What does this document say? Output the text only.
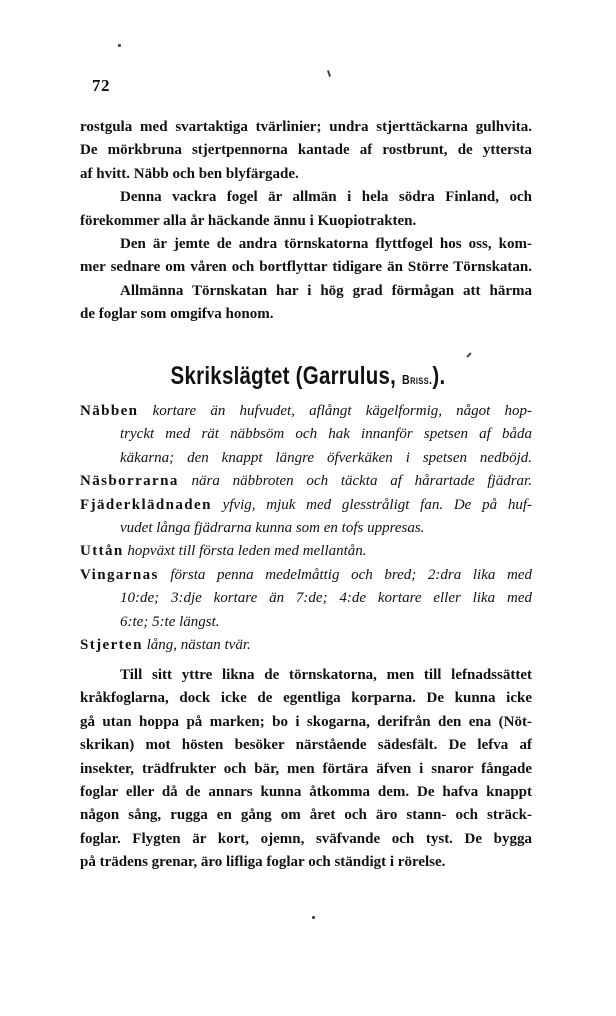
72
rostgula med svartaktiga tvärlinier; undra stjerttäckarna gulhvita.
De mörkbruna stjertpennorna kantade af rostbrunt, de yttersta
af hvitt. Näbb och ben blyfärgade.
Denna vackra fogel är allmän i hela södra Finland, och
förekommer alla år häckande ännu i Kuopiotrakten.
Den är jemte de andra törnskatorna flyttfogel hos oss, kom-
mer sednare om våren och bortflyttar tidigare än Större Törnskatan.
Allmänna Törnskatan har i hög grad förmågan att härma
de foglar som omgifva honom.
Skrikslägtet (Garrulus, Briss.).
Näbben kortare än hufvudet, aflångt kägelformig, något hop-
tryckt med rät näbbsöm och hak innanför spetsen af båda
käkarna; den knappt längre öfverkäken i spetsen nedböjd.
Näsborrarna nära näbbroten och täckta af hårartade fjädrar.
Fjäderklädnaden yfvig, mjuk med glesstråligt fan. De på huf-
vudet långa fjädrarna kunna som en tofs uppresas.
Uttån hopväxt till första leden med mellantån.
Vingarnas första penna medelmåttig och bred; 2:dra lika med
10:de; 3:dje kortare än 7:de; 4:de kortare eller lika med
6:te; 5:te längst.
Stjerten lång, nästan tvär.
Till sitt yttre likna de törnskatorna, men till lefnadssättet
kråkfoglarna, dock icke de egentliga korparna. De kunna icke
gå utan hoppa på marken; bo i skogarna, derifrån den ena (Nöt-
skrikan) mot hösten besöker närstående sädesfält. De lefva af
insekter, trädfrukter och bär, men förtära äfven i snaror fångade
foglar eller då de annars kunna åtkomma dem. De hafva knappt
någon sång, rugga en gång om året och äro stann- och sträck-
foglar. Flygten är kort, ojemn, sväfvande och tyst. De bygga
på trädens grenar, äro lifliga foglar och ständigt i rörelse.
